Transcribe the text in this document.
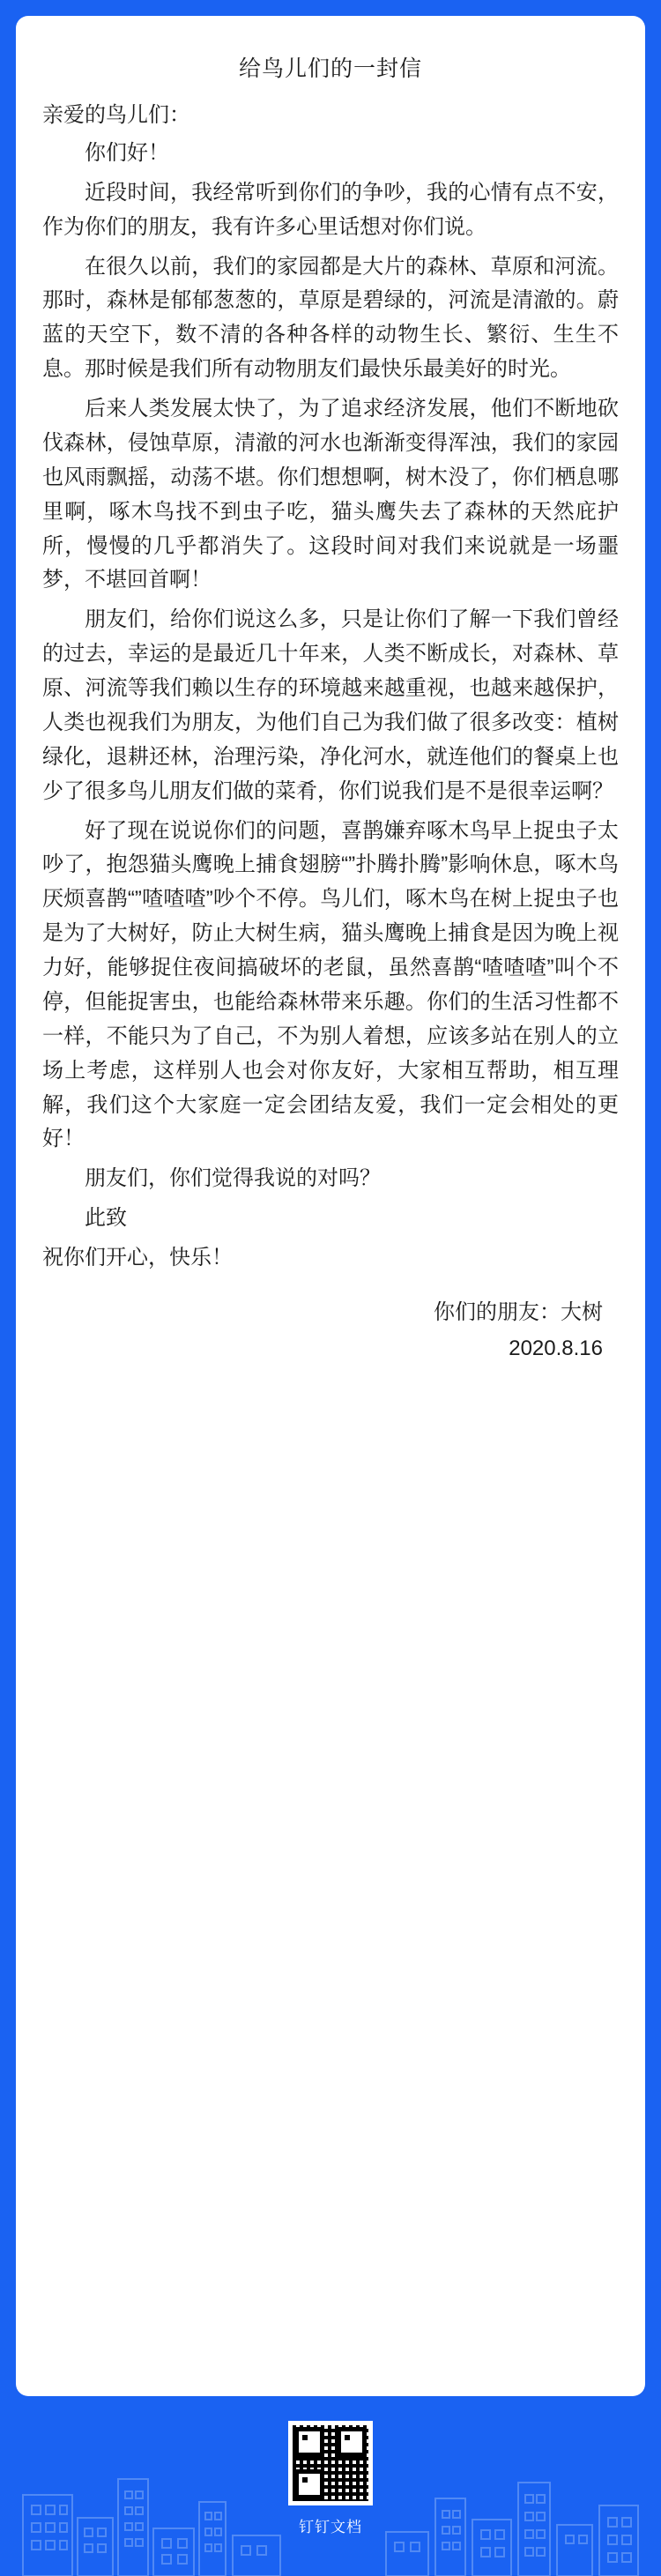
给鸟儿们的一封信

亲爱的鸟儿们：

你们好！

近段时间，我经常听到你们的争吵，我的心情有点不安，作为你们的朋友，我有许多心里话想对你们说。

在很久以前，我们的家园都是大片的森林、草原和河流。那时，森林是郁郁葱葱的，草原是碧绿的，河流是清澈的。蔚蓝的天空下，数不清的各种各样的动物生长、繁衍、生生不息。那时候是我们所有动物朋友们最快乐最美好的时光。

后来人类发展太快了，为了追求经济发展，他们不断地砍伐森林，侵蚀草原，清澈的河水也渐渐变得浑浊，我们的家园也风雨飘摇，动荡不堪。你们想想啊，树木没了，你们栖息哪里啊，啄木鸟找不到虫子吃，猫头鹰失去了森林的天然庇护所，慢慢的几乎都消失了。这段时间对我们来说就是一场噩梦，不堪回首啊！

朋友们，给你们说这么多，只是让你们了解一下我们曾经的过去，幸运的是最近几十年来，人类不断成长，对森林、草原、河流等我们赖以生存的环境越来越重视，也越来越保护，人类也视我们为朋友，为他们自己为我们做了很多改变：植树绿化，退耕还林，治理污染，净化河水，就连他们的餐桌上也少了很多鸟儿朋友们做的菜肴，你们说我们是不是很幸运啊？

好了现在说说你们的问题，喜鹊嫌弃啄木鸟早上捉虫子太吵了，抱怨猫头鹰晚上捕食翅膀“”扑腾扑腾”影响休息，啄木鸟厌烦喜鹊“”喳喳喳”吵个不停。鸟儿们，啄木鸟在树上捉虫子也是为了大树好，防止大树生病，猫头鹰晚上捕食是因为晚上视力好，能够捉住夜间搞破坏的老鼠，虽然喜鹊“喳喳喳”叫个不停，但能捉害虫，也能给森林带来乐趣。你们的生活习性都不一样，不能只为了自己，不为别人着想，应该多站在别人的立场上考虑，这样别人也会对你友好，大家相互帮助，相互理解，我们这个大家庭一定会团结友爱，我们一定会相处的更好！

朋友们，你们觉得我说的对吗？

此致

祝你们开心，快乐！

你们的朋友：大树
2020.8.16
钉钉文档
